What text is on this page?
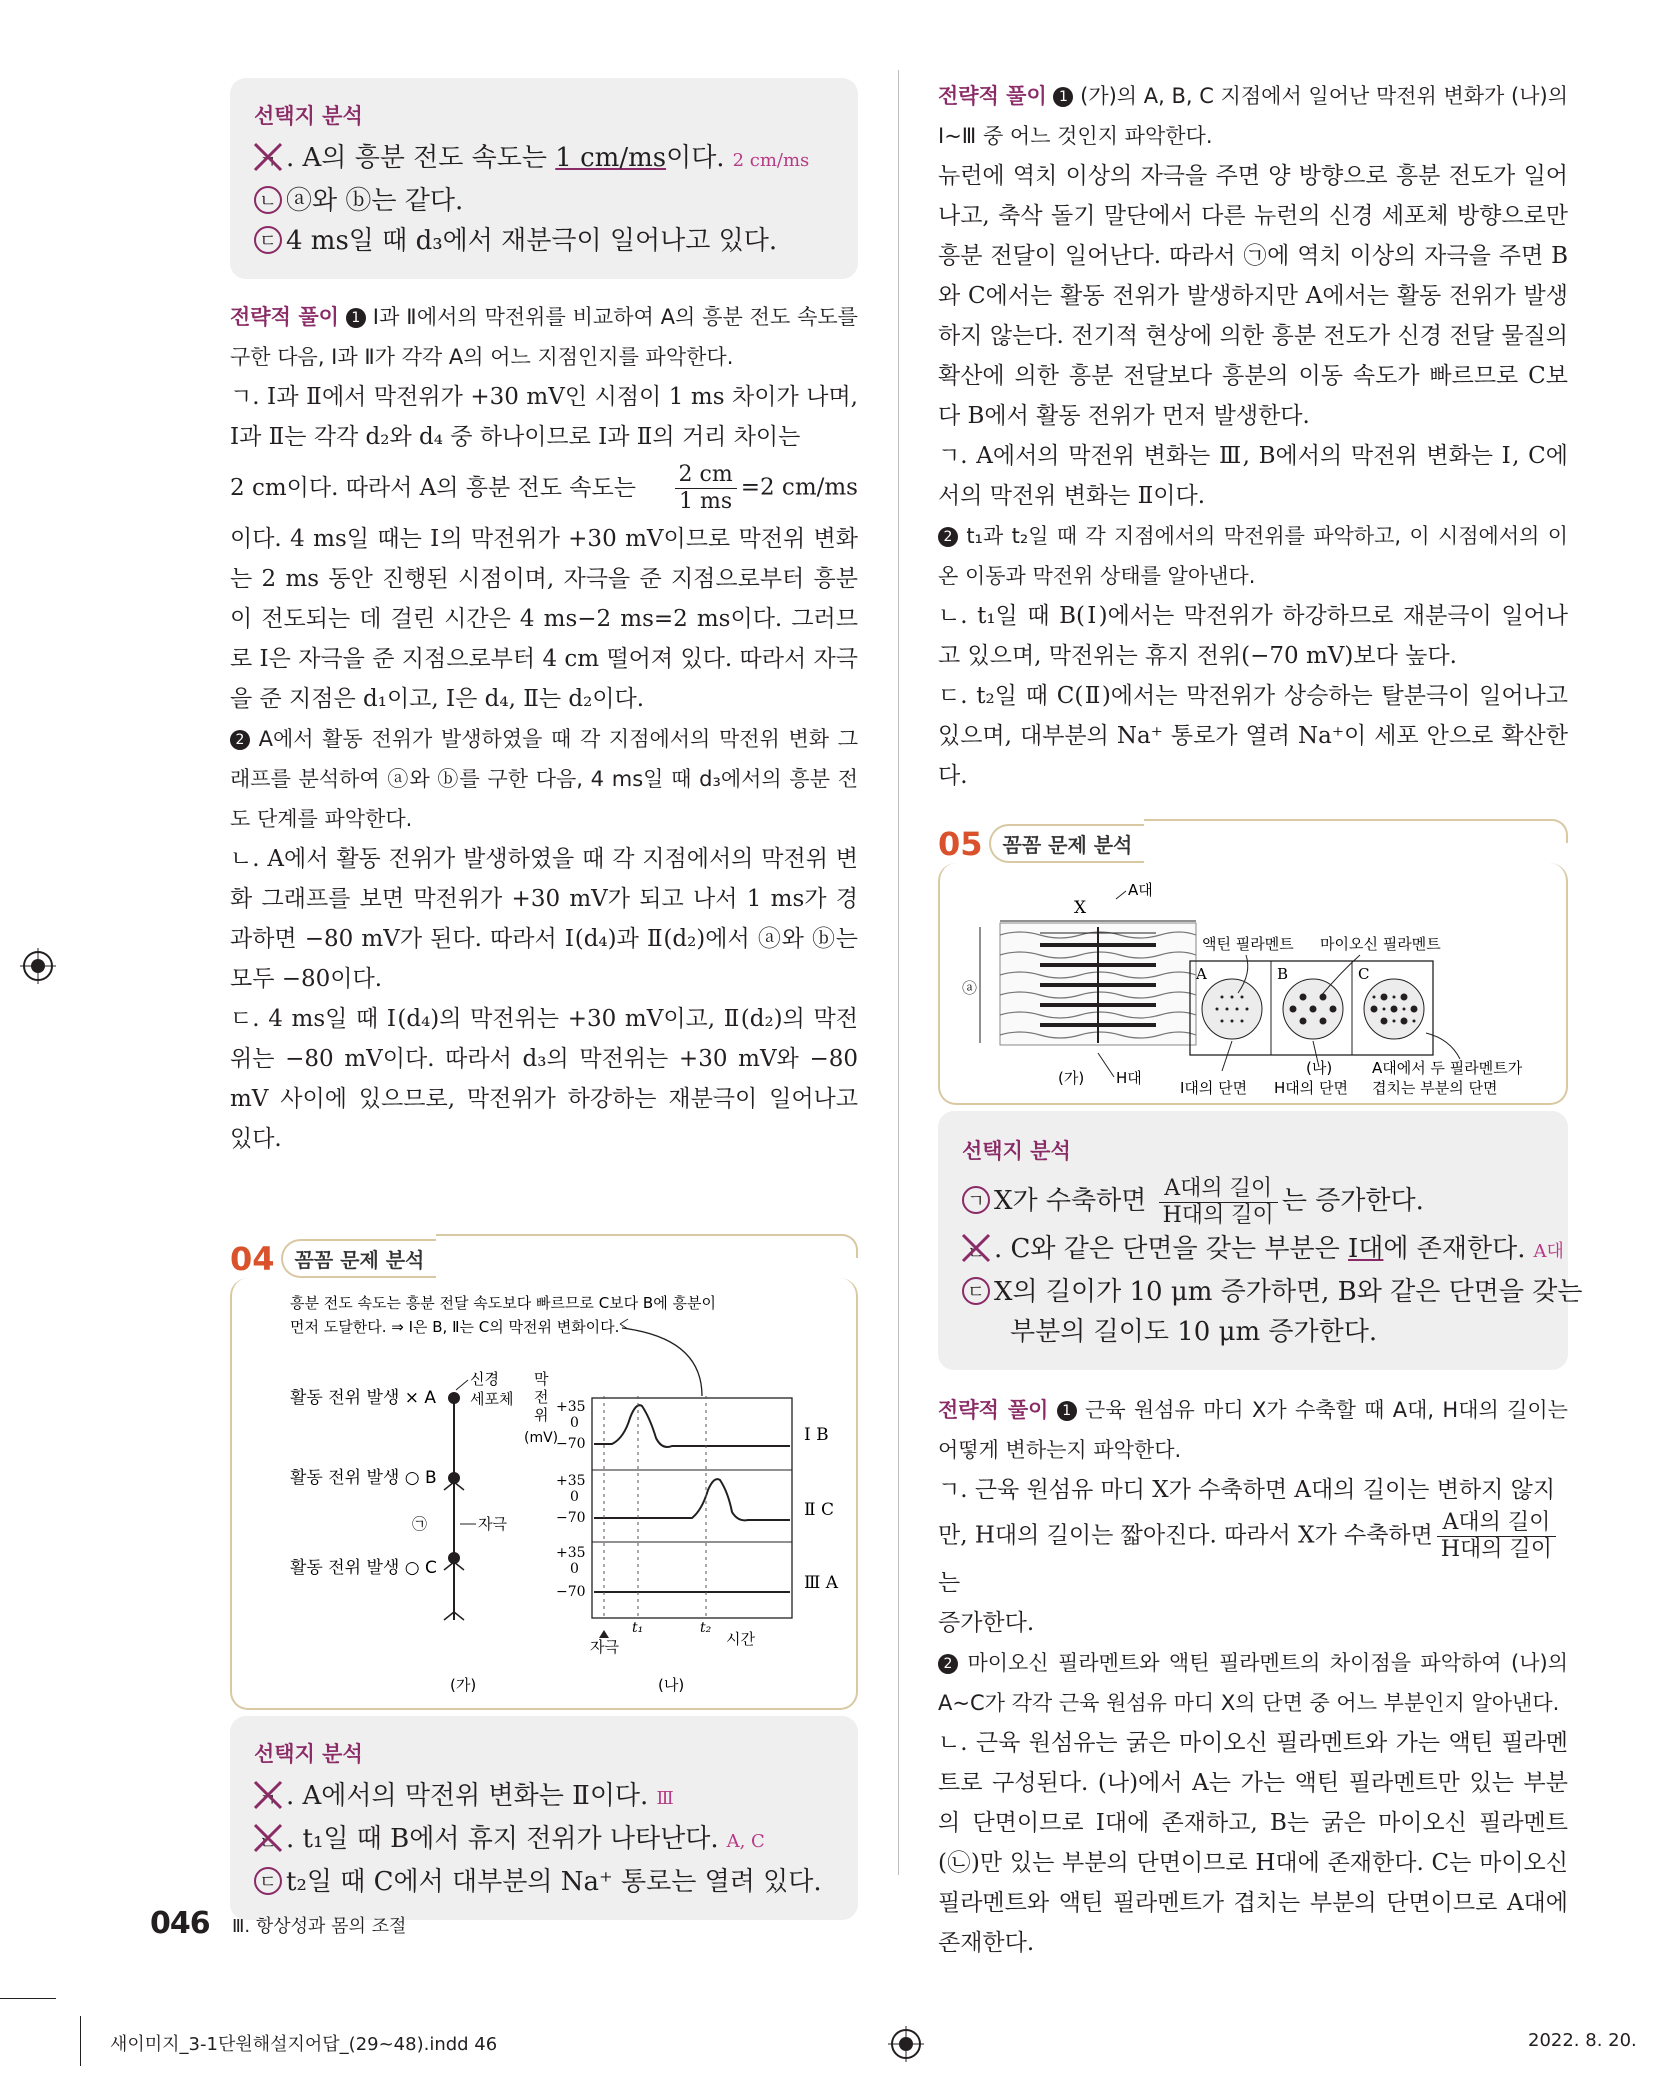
선택지 분석
ㄱ . A의 흥분 전도 속도는 1 cm/ms이다. 2 cm/ms
ㄴ ⓐ와 ⓑ는 같다.
ㄷ 4 ms일 때 d₃에서 재분극이 일어나고 있다.
전략적 풀이 1 Ⅰ과 Ⅱ에서의 막전위를 비교하여 A의 흥분 전도 속도를 구한 다음, Ⅰ과 Ⅱ가 각각 A의 어느 지점인지를 파악한다.
ㄱ. Ⅰ과 Ⅱ에서 막전위가 +30 mV인 시점이 1 ms 차이가 나며, Ⅰ과 Ⅱ는 각각 d₂와 d₄ 중 하나이므로 Ⅰ과 Ⅱ의 거리 차이는
2 cm이다. 따라서 A의 흥분 전도 속도는 $\frac{2 cm}{1 ms} =2$ cm/ms
이다. 4 ms일 때는 Ⅰ의 막전위가 +30 mV이므로 막전위 변화는 2 ms 동안 진행된 시점이며, 자극을 준 지점으로부터 흥분이 전도되는 데 걸린 시간은 4 ms−2 ms=2 ms이다. 그러므로 Ⅰ은 자극을 준 지점으로부터 4 cm 떨어져 있다. 따라서 자극을 준 지점은 d₁이고, Ⅰ은 d₄, Ⅱ는 d₂이다.
2 A에서 활동 전위가 발생하였을 때 각 지점에서의 막전위 변화 그래프를 분석하여 ⓐ와 ⓑ를 구한 다음, 4 ms일 때 d₃에서의 흥분 전도 단계를 파악한다.
ㄴ. A에서 활동 전위가 발생하였을 때 각 지점에서의 막전위 변화 그래프를 보면 막전위가 +30 mV가 되고 나서 1 ms가 경과하면 −80 mV가 된다. 따라서 Ⅰ(d₄)과 Ⅱ(d₂)에서 ⓐ와 ⓑ는 모두 −80이다.
ㄷ. 4 ms일 때 Ⅰ(d₄)의 막전위는 +30 mV이고, Ⅱ(d₂)의 막전위는 −80 mV이다. 따라서 d₃의 막전위는 +30 mV와 −80 mV 사이에 있으므로, 막전위가 하강하는 재분극이 일어나고 있다.
04	꼼꼼 문제 분석
흥분 전도 속도는 흥분 전달 속도보다 빠르므로 C보다 B에 흥분이
먼저 도달한다. ⇒ Ⅰ은 B, Ⅱ는 C의 막전위 변화이다.
활동 전위 발생 × A
활동 전위 발생 ○ B
활동 전위 발생 ○ C
신경
세포체
㉠	자극
막
전
위
(mV)
+35
0
−70
+35
0
−70
+35
0
−70
Ⅰ B
Ⅱ C
Ⅲ A
t₁	t₂
자극	시간
(가)	(나)
선택지 분석
ㄱ . A에서의 막전위 변화는 Ⅱ이다. Ⅲ
ㄴ . t₁일 때 B에서 휴지 전위가 나타난다. A, C
ㄷ t₂일 때 C에서 대부분의 Na⁺ 통로는 열려 있다.
전략적 풀이 1 (가)의 A, B, C 지점에서 일어난 막전위 변화가 (나)의 Ⅰ~Ⅲ 중 어느 것인지 파악한다.
뉴런에 역치 이상의 자극을 주면 양 방향으로 흥분 전도가 일어나고, 축삭 돌기 말단에서 다른 뉴런의 신경 세포체 방향으로만 흥분 전달이 일어난다. 따라서 ㉠에 역치 이상의 자극을 주면 B와 C에서는 활동 전위가 발생하지만 A에서는 활동 전위가 발생하지 않는다. 전기적 현상에 의한 흥분 전도가 신경 전달 물질의 확산에 의한 흥분 전달보다 흥분의 이동 속도가 빠르므로 C보다 B에서 활동 전위가 먼저 발생한다.
ㄱ. A에서의 막전위 변화는 Ⅲ, B에서의 막전위 변화는 Ⅰ, C에서의 막전위 변화는 Ⅱ이다.
2 t₁과 t₂일 때 각 지점에서의 막전위를 파악하고, 이 시점에서의 이온 이동과 막전위 상태를 알아낸다.
ㄴ. t₁일 때 B(Ⅰ)에서는 막전위가 하강하므로 재분극이 일어나고 있으며, 막전위는 휴지 전위(−70 mV)보다 높다.
ㄷ. t₂일 때 C(Ⅱ)에서는 막전위가 상승하는 탈분극이 일어나고 있으며, 대부분의 Na⁺ 통로가 열려 Na⁺이 세포 안으로 확산한다.
05	꼼꼼 문제 분석
X
A대
ⓐ
(가) H대
A	B	C
액틴 필라멘트 마이오신 필라멘트
(나)
I대의 단면 H대의 단면
A대에서 두 필라멘트가
겹치는 부분의 단면
선택지 분석
ㄱ X가 수축하면 $\frac{\text{A대의 길이}}{\text{H대의 길이}}$ 는 증가한다.
ㄴ . C와 같은 단면을 갖는 부분은 I대에 존재한다. A대
ㄷ X의 길이가 10 μm 증가하면, B와 같은 단면을 갖는
부분의 길이도 10 μm 증가한다.
전략적 풀이 1 근육 원섬유 마디 X가 수축할 때 A대, H대의 길이는 어떻게 변하는지 파악한다.
ㄱ. 근육 원섬유 마디 X가 수축하면 A대의 길이는 변하지 않지만, H대의 길이는 짧아진다. 따라서 X가 수축하면 $\frac{\text{A대의 길이}}{\text{H대의 길이}}$
는
증가한다.
2 마이오신 필라멘트와 액틴 필라멘트의 차이점을 파악하여 (나)의 A~C가 각각 근육 원섬유 마디 X의 단면 중 어느 부분인지 알아낸다.
ㄴ. 근육 원섬유는 굵은 마이오신 필라멘트와 가는 액틴 필라멘트로 구성된다. (나)에서 A는 가는 액틴 필라멘트만 있는 부분의 단면이므로 I대에 존재하고, B는 굵은 마이오신 필라멘트(㉡)만 있는 부분의 단면이므로 H대에 존재한다. C는 마이오신 필라멘트와 액틴 필라멘트가 겹치는 부분의 단면이므로 A대에 존재한다.
046 Ⅲ. 항상성과 몸의 조절
새이미지_3-1단원해설지어답_(29~48).indd 46	2022. 8. 20.
